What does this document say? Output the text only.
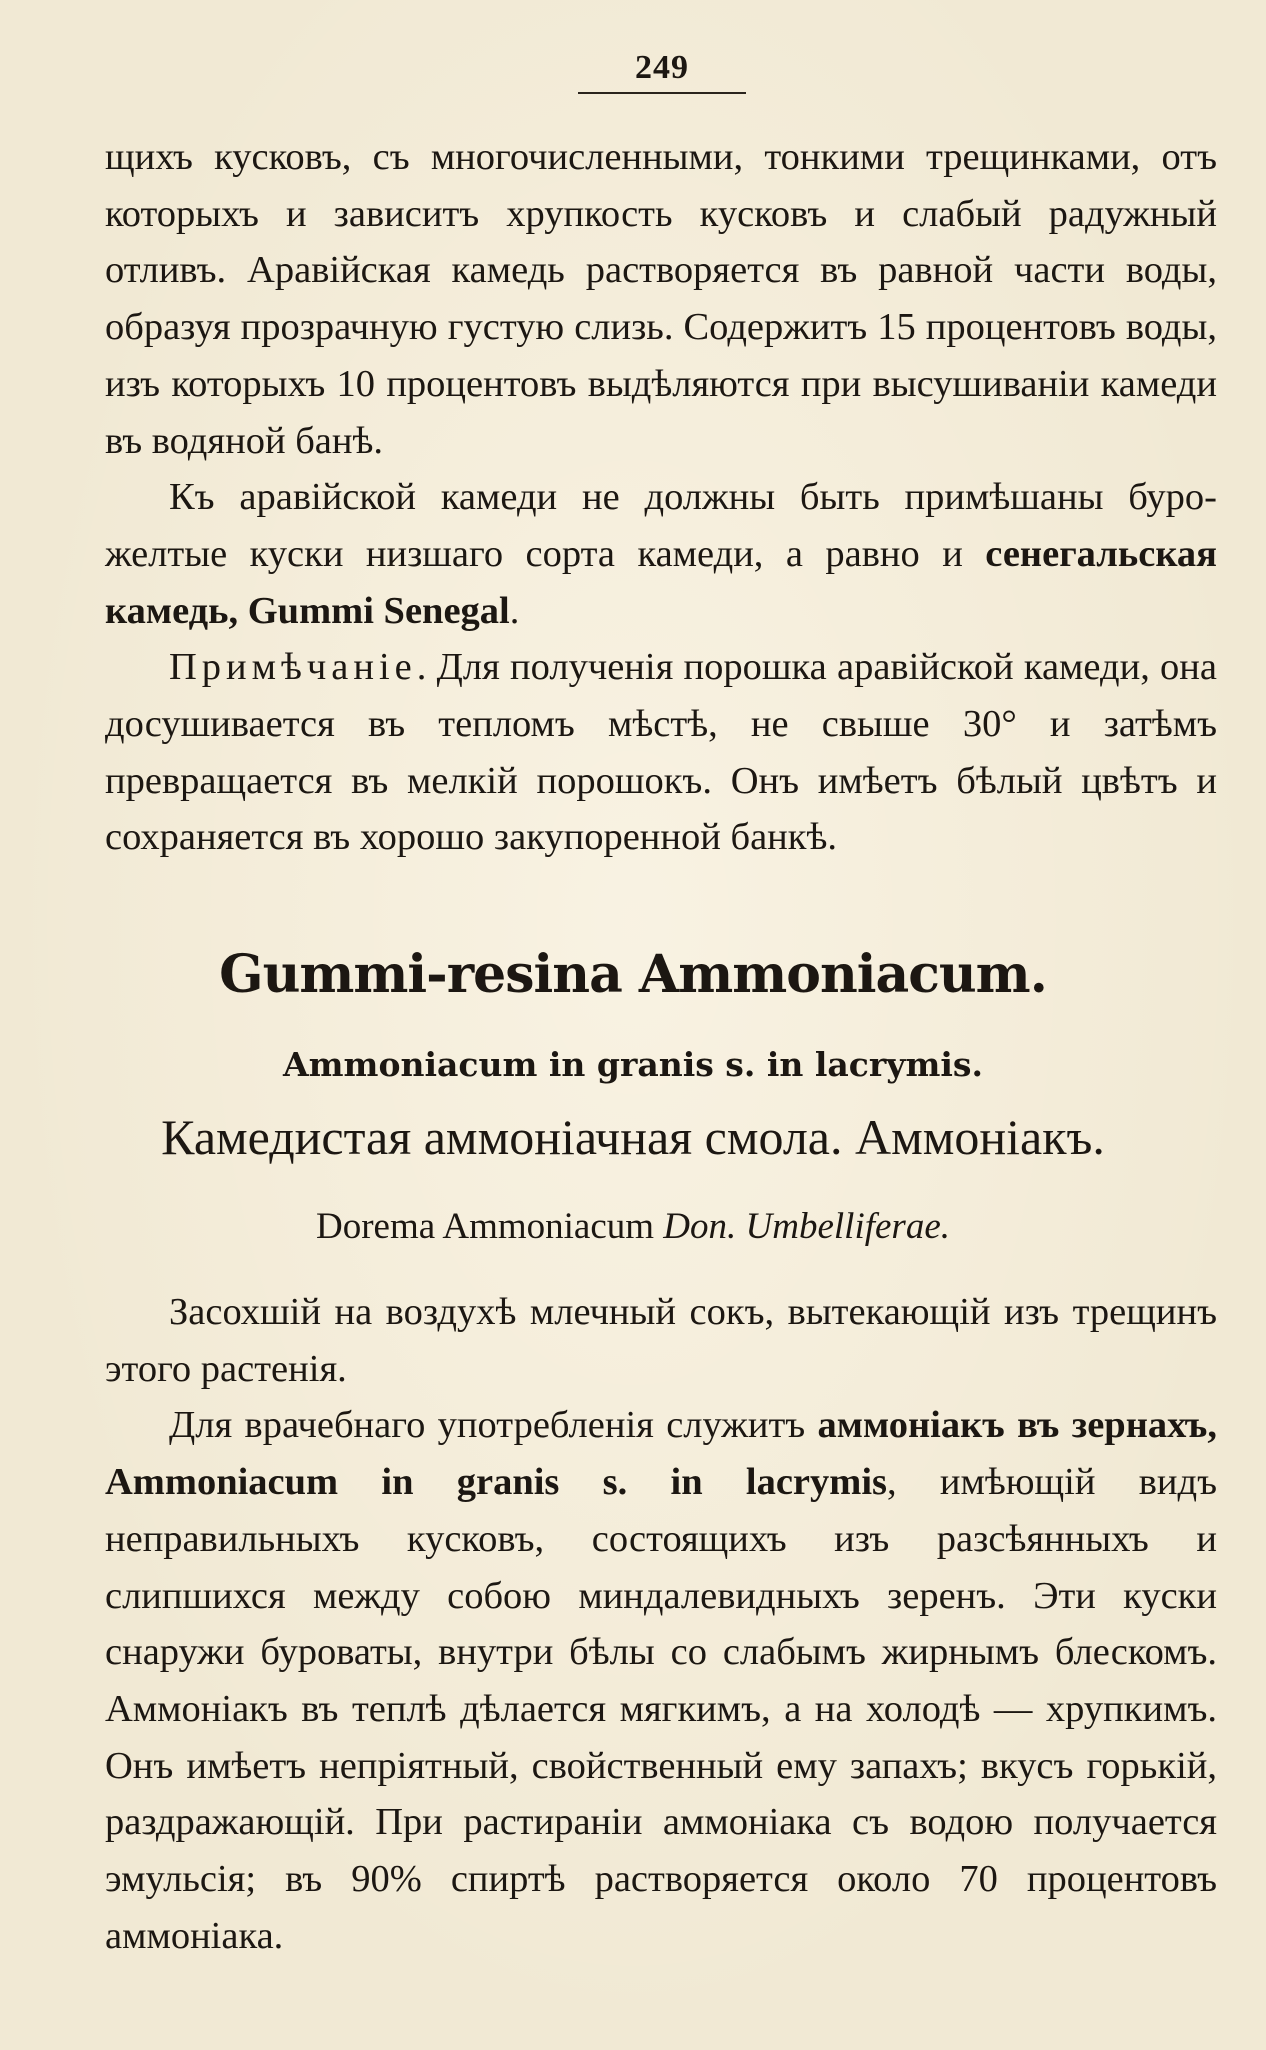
249

щихъ кусковъ, съ многочисленными, тонкими трещинками, отъ которыхъ и зависитъ хрупкость кусковъ и слабый радужный отливъ. Аравійская камедь растворяется въ равной части воды, образуя прозрачную густую слизь. Содержитъ 15 процентовъ воды, изъ которыхъ 10 процентовъ выдѣляются при высушиваніи камеди въ водяной банѣ.

Къ аравійской камеди не должны быть примѣшаны буро-желтые куски низшаго сорта камеди, а равно и сенегальская камедь, Gummi Senegal.

Примѣчаніе. Для полученія порошка аравійской камеди, она досушивается въ тепломъ мѣстѣ, не свыше 30° и затѣмъ превращается въ мелкій порошокъ. Онъ имѣетъ бѣлый цвѣтъ и сохраняется въ хорошо закупоренной банкѣ.

Gummi-resina Ammoniacum.
Ammoniacum in granis s. in lacrymis.
Камедистая аммоніачная смола. Аммоніакъ.
Dorema Ammoniacum Don. Umbelliferae.

Засохшій на воздухѣ млечный сокъ, вытекающій изъ трещинъ этого растенія.

Для врачебнаго употребленія служитъ аммоніакъ въ зернахъ, Ammoniacum in granis s. in lacrymis, имѣющій видъ неправильныхъ кусковъ, состоящихъ изъ разсѣянныхъ и слипшихся между собою миндалевидныхъ зеренъ. Эти куски снаружи буроваты, внутри бѣлы со слабымъ жирнымъ блескомъ. Аммоніакъ въ теплѣ дѣлается мягкимъ, а на холодѣ — хрупкимъ. Онъ имѣетъ непріятный, свойственный ему запахъ; вкусъ горькій, раздражающій. При растираніи аммоніака съ водою получается эмульсія; въ 90% спиртѣ растворяется около 70 процентовъ аммоніака.
